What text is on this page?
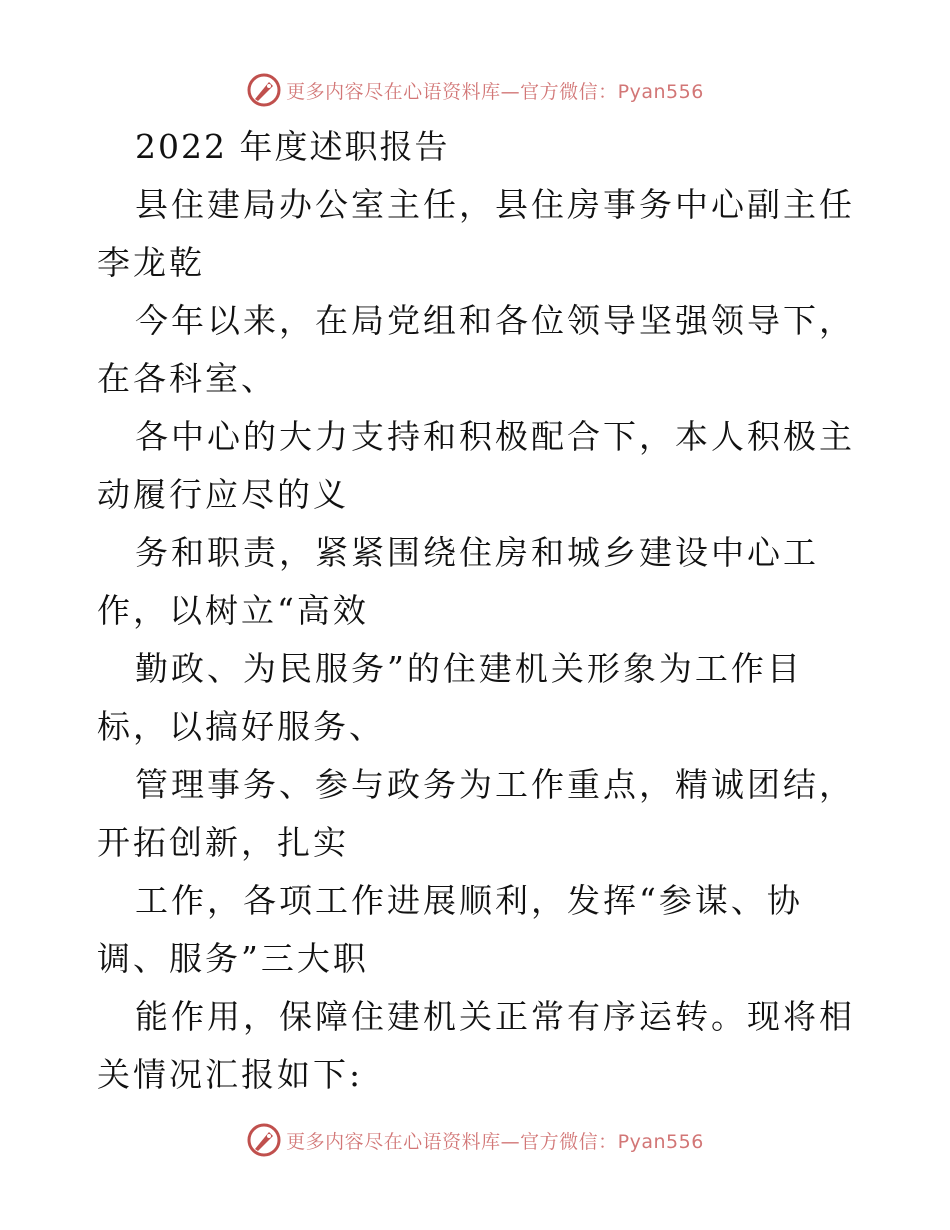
更多内容尽在心语资料库—官方微信：Pyan556

2022 年度述职报告

县住建局办公室主任，县住房事务中心副主任李龙乾

今年以来，在局党组和各位领导坚强领导下，在各科室、

各中心的大力支持和积极配合下，本人积极主动履行应尽的义

务和职责，紧紧围绕住房和城乡建设中心工作，以树立“高效

勤政、为民服务”的住建机关形象为工作目标，以搞好服务、

管理事务、参与政务为工作重点，精诚团结，开拓创新，扎实

工作，各项工作进展顺利，发挥“参谋、协调、服务”三大职

能作用，保障住建机关正常有序运转。现将相关情况汇报如下:

更多内容尽在心语资料库—官方微信：Pyan556
